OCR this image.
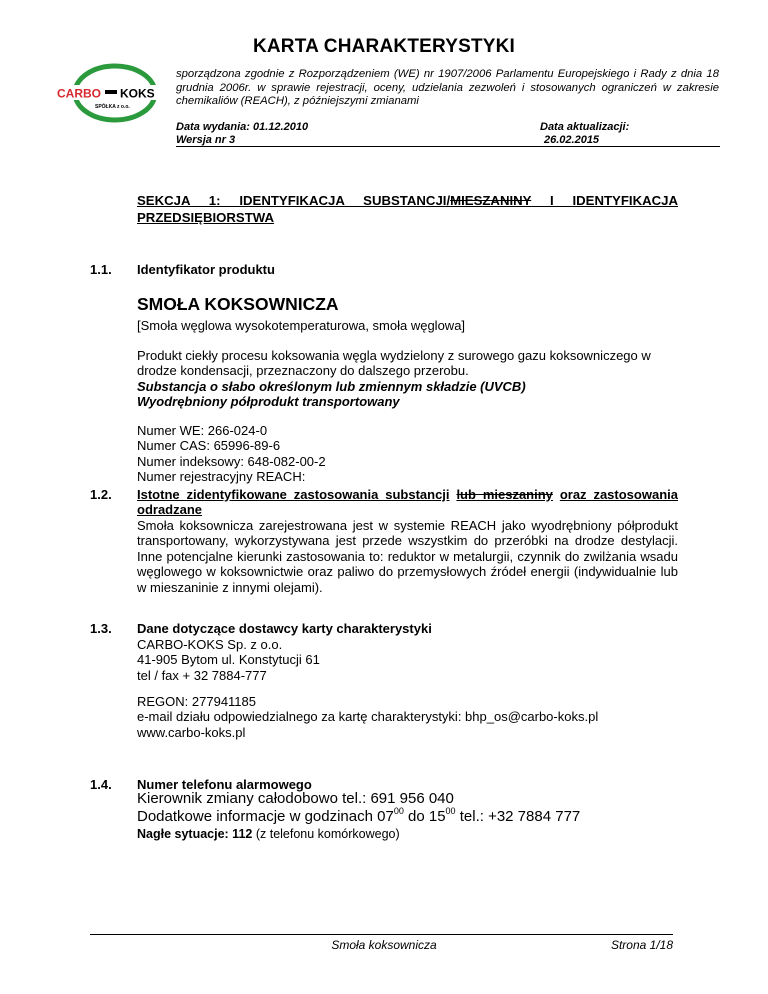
KARTA CHARAKTERYSTYKI
CARBO KOKS
SPÓŁKA z o.o.
sporządzona zgodnie z Rozporządzeniem (WE) nr 1907/2006 Parlamentu Europejskiego i Rady z dnia 18 grudnia 2006r. w sprawie rejestracji, oceny, udzielania zezwoleń i stosowanych ograniczeń w zakresie chemikaliów (REACH), z późniejszymi zmianami
Data wydania: 01.12.2010
Wersja nr 3
Data aktualizacji:
26.02.2015
SEKCJA 1: IDENTYFIKACJA SUBSTANCJI/MIESZANINY I IDENTYFIKACJA PRZEDSIĘBIORSTWA
1.1. Identyfikator produktu
SMOŁA KOKSOWNICZA
[Smoła węglowa wysokotemperaturowa, smoła węglowa]
Produkt ciekły procesu koksowania węgla wydzielony z surowego gazu koksowniczego w drodze kondensacji, przeznaczony do dalszego przerobu.
Substancja o słabo określonym lub zmiennym składzie (UVCB)
Wyodrębniony półprodukt transportowany
Numer WE: 266-024-0
Numer CAS: 65996-89-6
Numer indeksowy: 648-082-00-2
Numer rejestracyjny REACH:
1.2. Istotne zidentyfikowane zastosowania substancji lub mieszaniny oraz zastosowania odradzane
Smoła koksownicza zarejestrowana jest w systemie REACH jako wyodrębniony półprodukt transportowany, wykorzystywana jest przede wszystkim do przeróbki na drodze destylacji. Inne potencjalne kierunki zastosowania to: reduktor w metalurgii, czynnik do zwilżania wsadu węglowego w koksownictwie oraz paliwo do przemysłowych źródeł energii (indywidualnie lub w mieszaninie z innymi olejami).
1.3. Dane dotyczące dostawcy karty charakterystyki
CARBO-KOKS Sp. z o.o.
41-905 Bytom ul. Konstytucji 61
tel / fax + 32 7884-777
REGON: 277941185
e-mail działu odpowiedzialnego za kartę charakterystyki: bhp_os@carbo-koks.pl
www.carbo-koks.pl
1.4. Numer telefonu alarmowego
Kierownik zmiany całodobowo tel.: 691 956 040
Dodatkowe informacje w godzinach $07^{00}$ do $15^{00}$ tel.: +32 7884 777
Nagłe sytuacje: 112 (z telefonu komórkowego)
Smoła koksownicza	Strona 1/18
